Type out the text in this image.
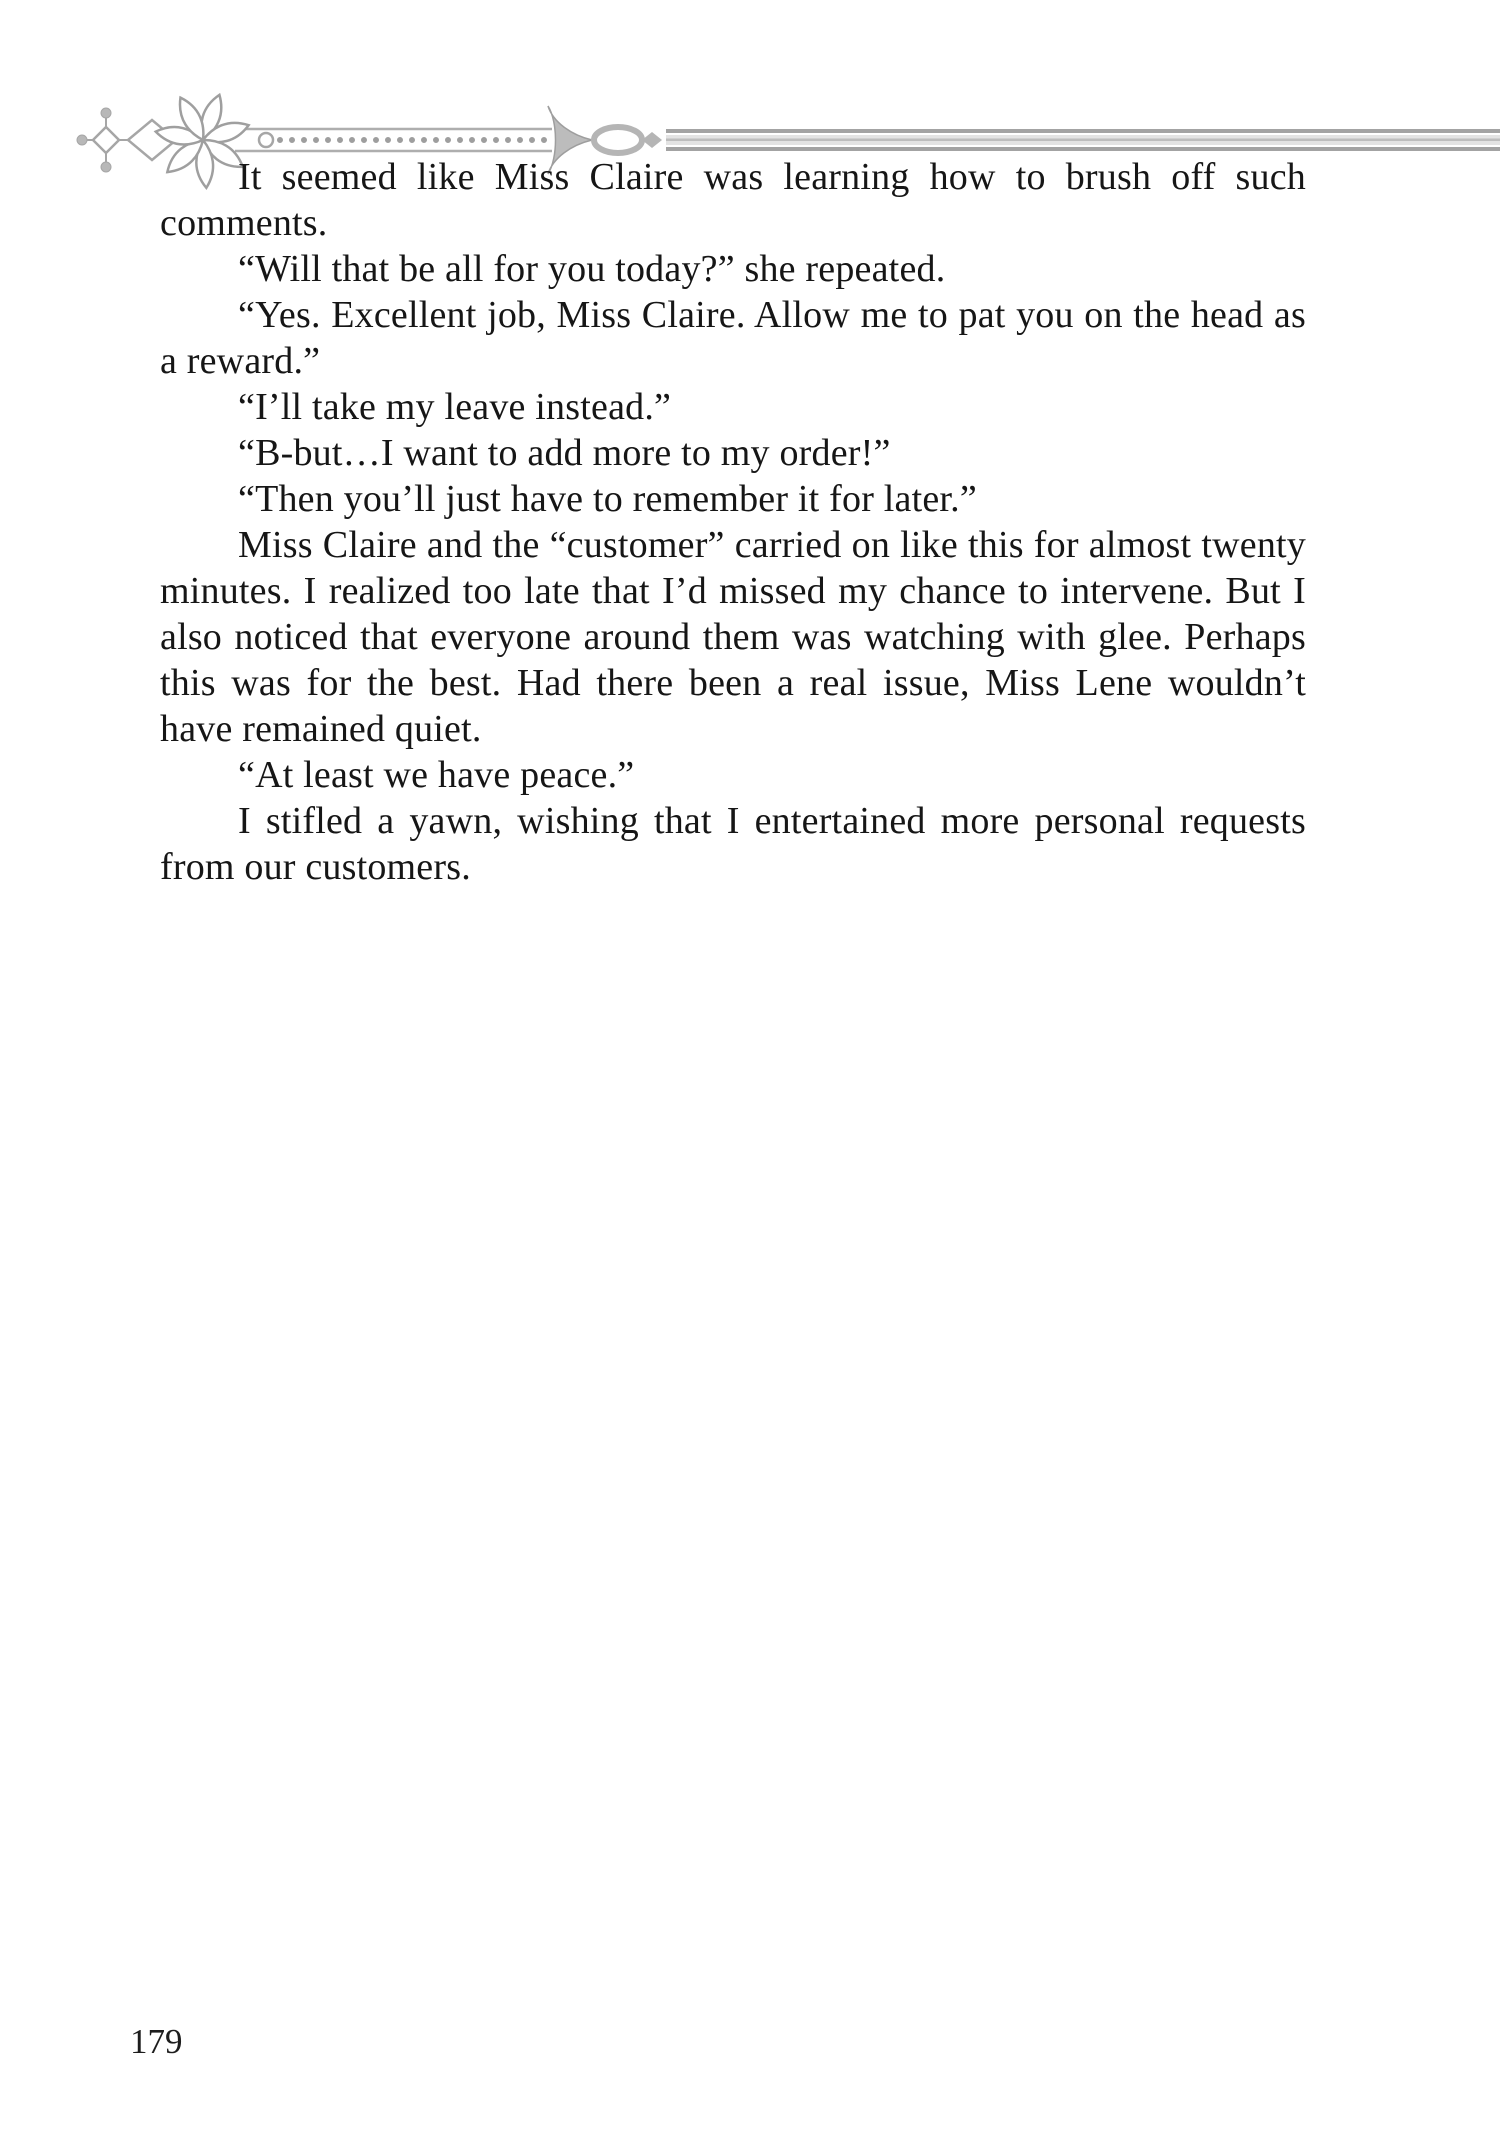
It seemed like Miss Claire was learning how to brush off such comments.

“Will that be all for you today?” she repeated.

“Yes. Excellent job, Miss Claire. Allow me to pat you on the head as a reward.”

“I’ll take my leave instead.”

“B-but…I want to add more to my order!”

“Then you’ll just have to remember it for later.”

Miss Claire and the “customer” carried on like this for almost twenty minutes. I realized too late that I’d missed my chance to intervene. But I also noticed that everyone around them was watching with glee. Perhaps this was for the best. Had there been a real issue, Miss Lene wouldn’t have remained quiet.

“At least we have peace.”

I stifled a yawn, wishing that I entertained more personal requests from our customers.

179
